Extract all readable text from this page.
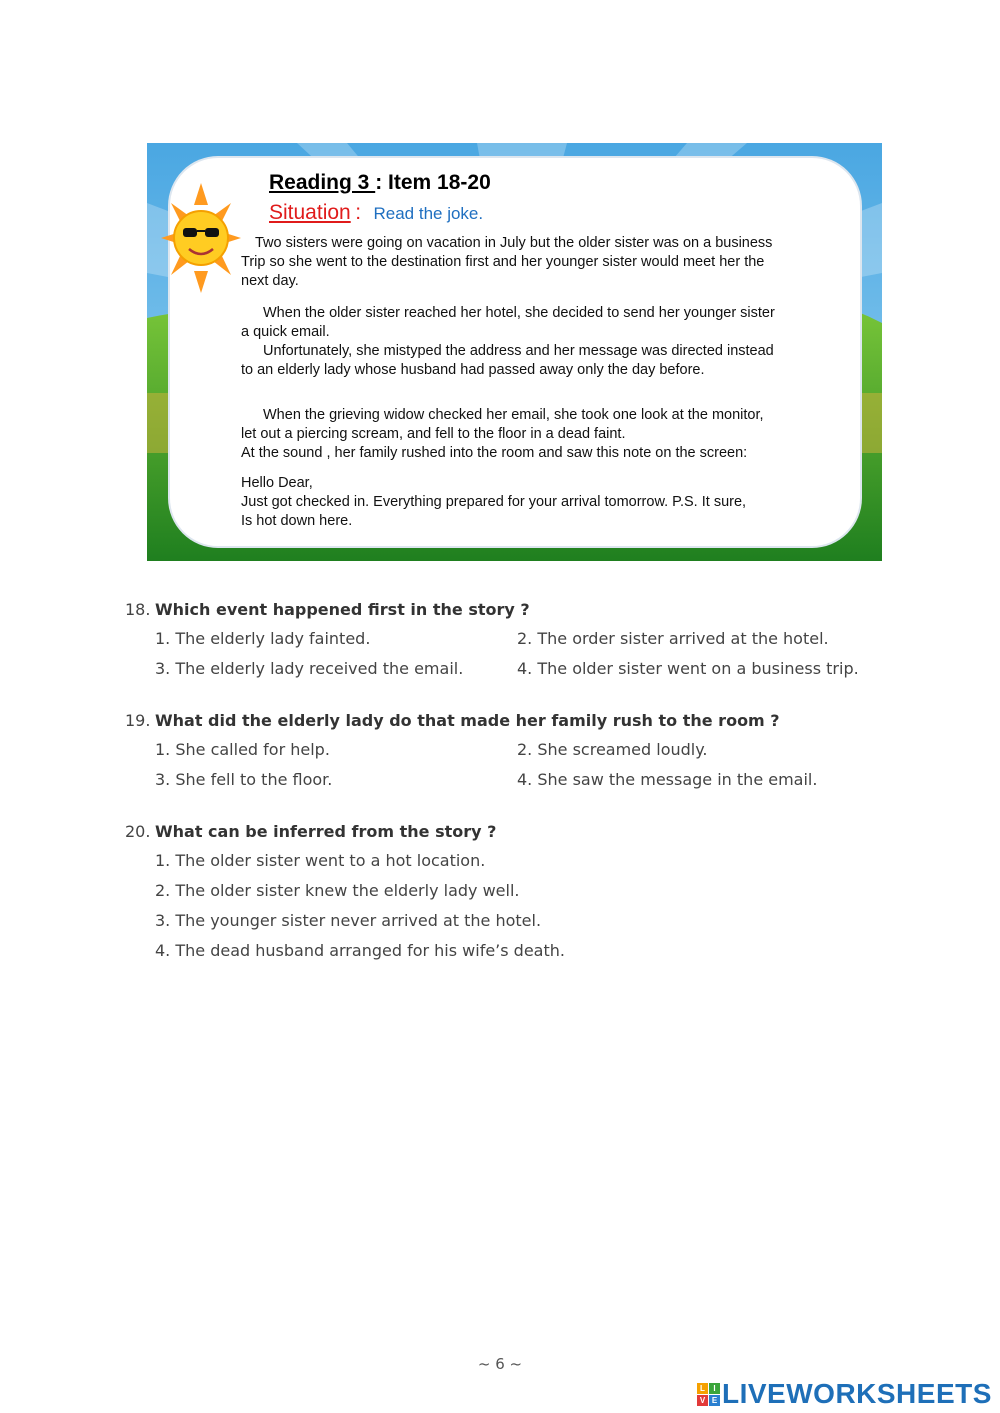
Reading 3 : Item 18-20
Situation : Read the joke.

Two sisters were going on vacation in July but the older sister was on a business

Trip so she went to the destination first and her younger sister would meet her the

next day.

When the older sister reached her hotel, she decided to send her younger sister

a quick email.

Unfortunately, she mistyped the address and her message was directed instead

to an elderly lady whose husband had passed away only the day before.

When the grieving widow checked her email, she took one look at the monitor,

let out a piercing scream, and fell to the floor in a dead faint.

At the sound , her family rushed into the room and saw this note on the screen:

Hello Dear,

Just got checked in. Everything prepared for your arrival tomorrow. P.S. It sure,

Is hot down here.

18. Which event happened first in the story ?
1. The elderly lady fainted.	2. The order sister arrived at the hotel.
3. The elderly lady received the email.	4. The older sister went on a business trip.
19. What did the elderly lady do that made her family rush to the room ?
1. She called for help.	2. She screamed loudly.
3. She fell to the floor.	4. She saw the message in the email.
20. What can be inferred from the story ?
1. The older sister went to a hot location.
2. The older sister knew the elderly lady well.
3. The younger sister never arrived at the hotel.
4. The dead husband arranged for his wife’s death.
~ 6 ~
L	I
V E LIVEWORKSHEETS
